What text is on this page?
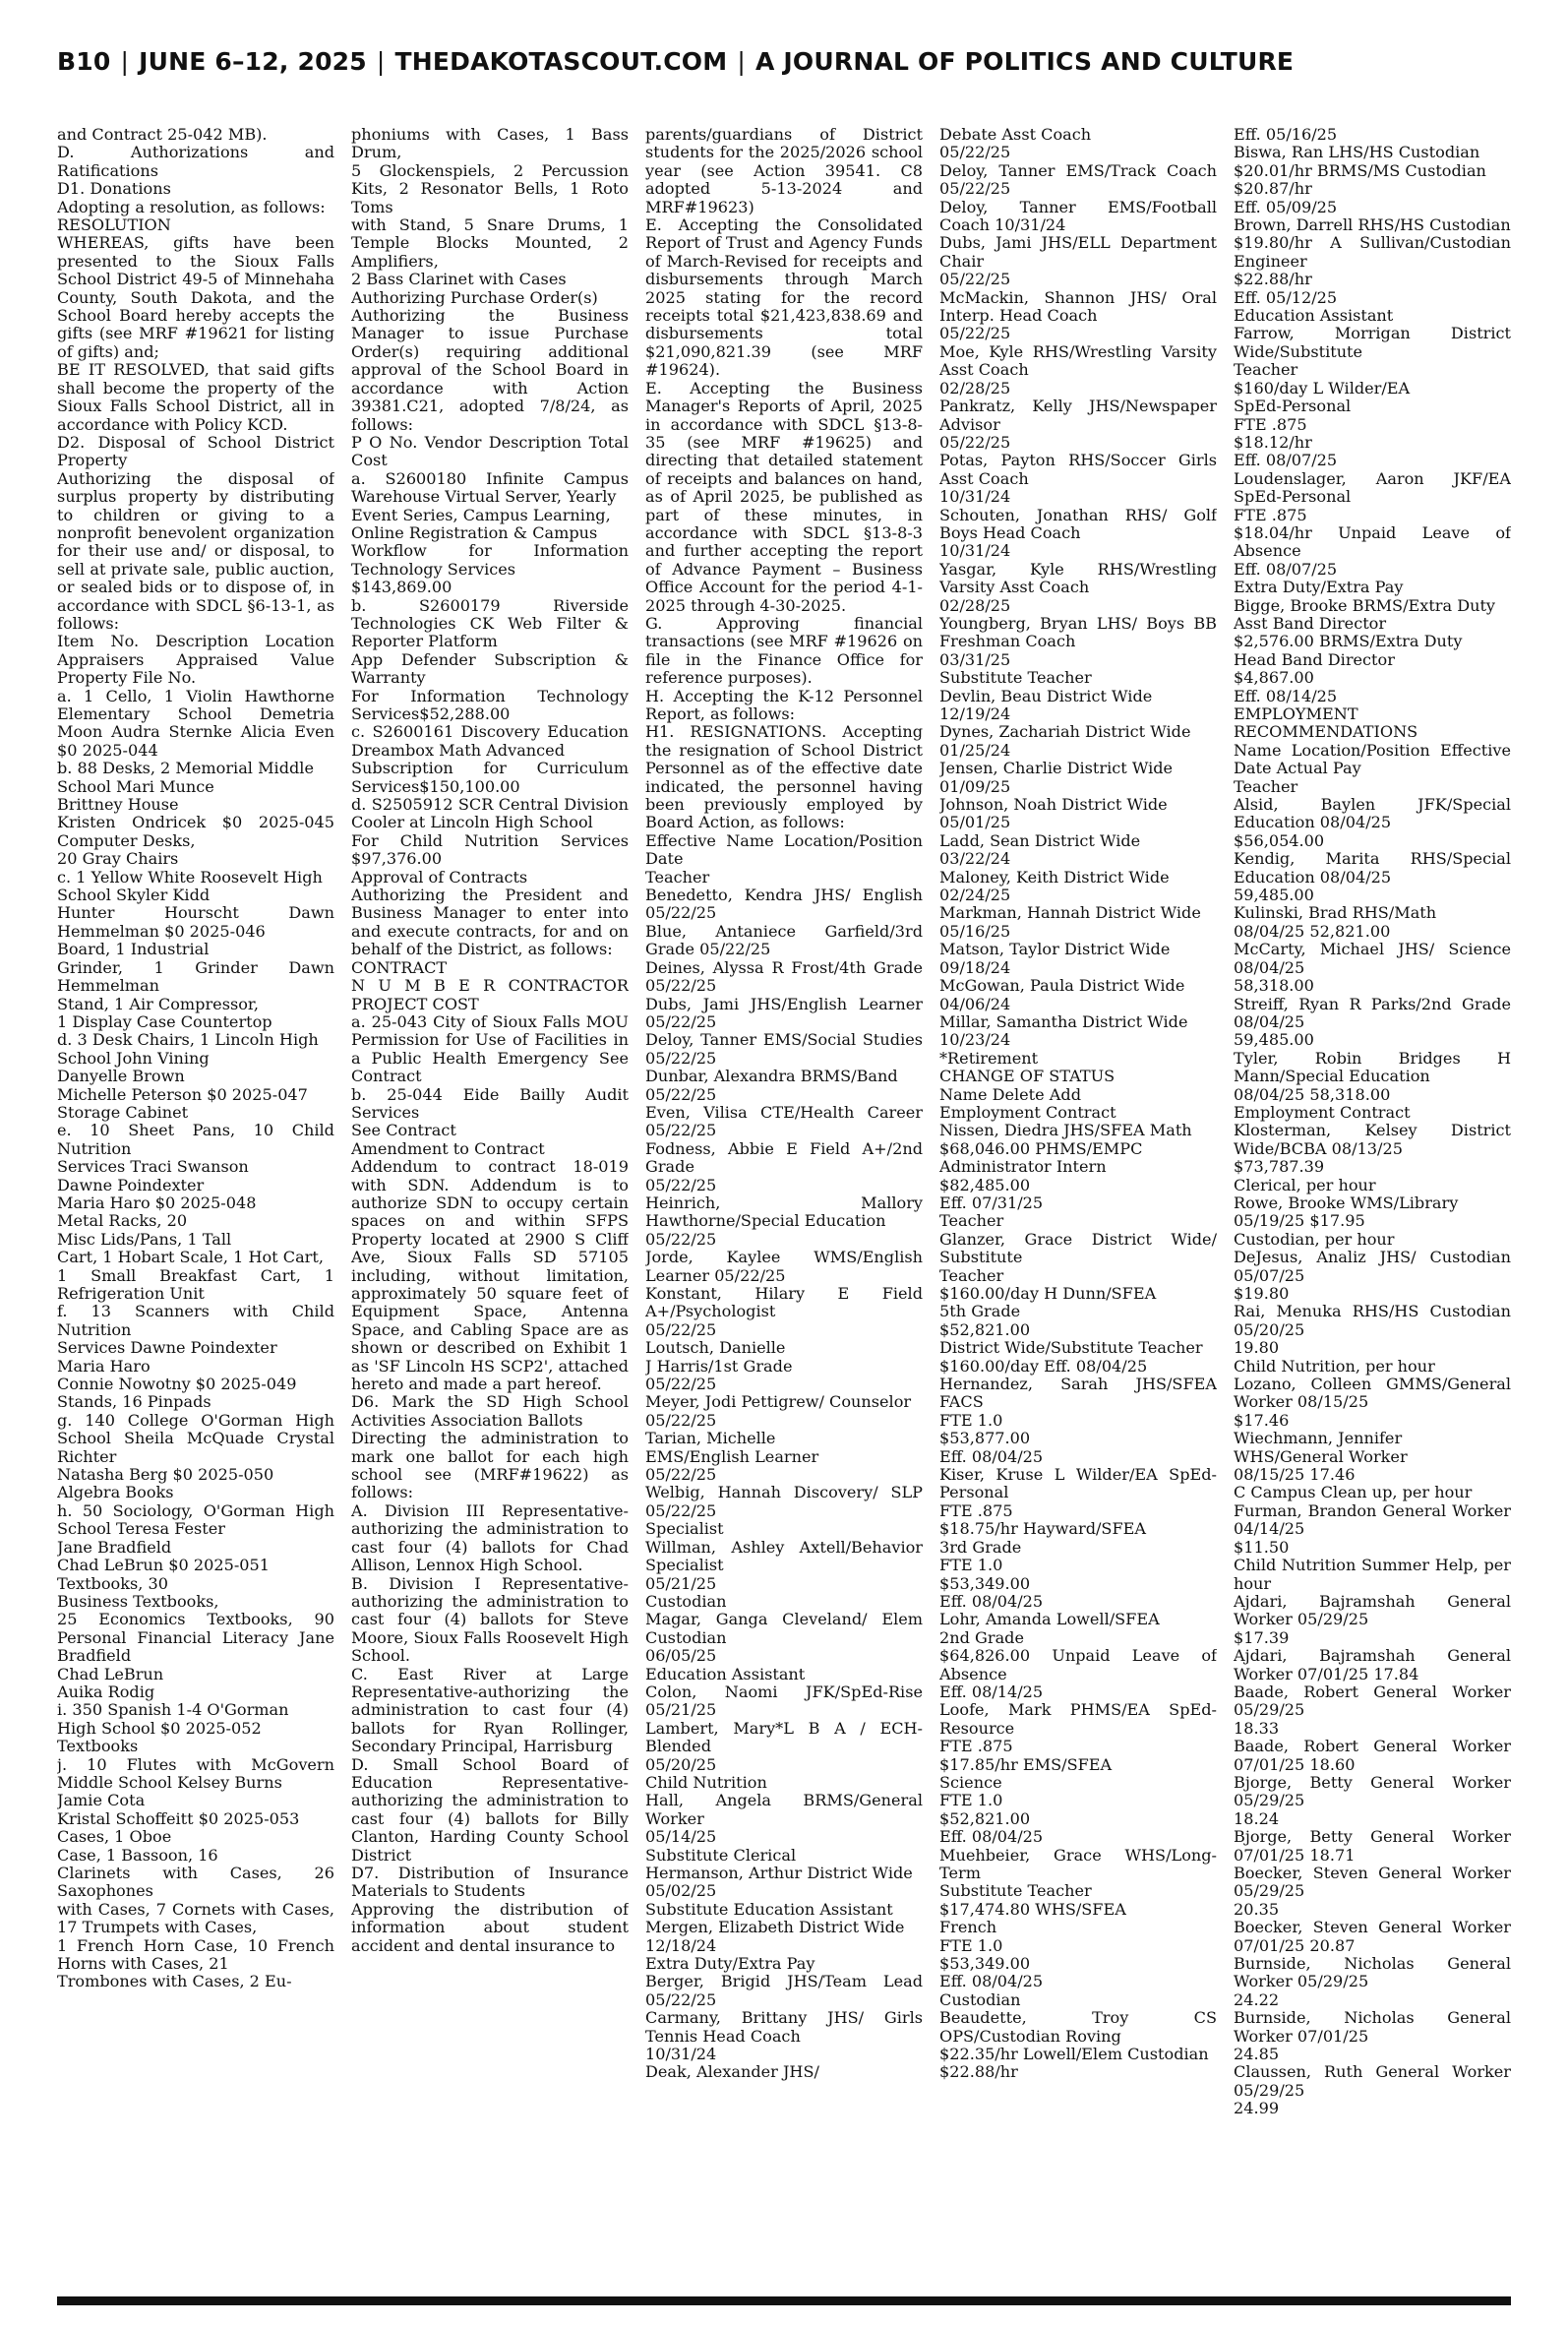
B10 | JUNE 6–12, 2025 | THEDAKOTASCOUT.COM | A JOURNAL OF POLITICS AND CULTURE

and Contract 25-042 MB).

D. Authorizations and Ratifications

D1. Donations

Adopting a resolution, as follows:

RESOLUTION

WHEREAS, gifts have been presented to the Sioux Falls School District 49-5 of Minnehaha County, South Dakota, and the School Board hereby accepts the gifts (see MRF #19621 for listing of gifts) and;

BE IT RESOLVED, that said gifts shall become the property of the Sioux Falls School District, all in accordance with Policy KCD.

D2. Disposal of School District Property

Authorizing the disposal of surplus property by distributing to children or giving to a nonprofit benevolent organization for their use and/ or disposal, to sell at private sale, public auction, or sealed bids or to dispose of, in accordance with SDCL §6-13-1, as follows:

Item No. Description Location Appraisers Appraised Value Property File No.

a. 1 Cello, 1 Violin Hawthorne Elementary School Demetria Moon Audra Sternke Alicia Even $0 2025-044

b. 88 Desks, 2 Memorial Middle

School Mari Munce

Brittney House

Kristen Ondricek $0 2025-045 Computer Desks,

20 Gray Chairs

c. 1 Yellow White Roosevelt High

School Skyler Kidd

Hunter Hourscht Dawn Hemmelman $0 2025-046

Board, 1 Industrial

Grinder, 1 Grinder Dawn Hemmelman

Stand, 1 Air Compressor,

1 Display Case Countertop

d. 3 Desk Chairs, 1 Lincoln High

School John Vining

Danyelle Brown

Michelle Peterson $0 2025-047

Storage Cabinet

e. 10 Sheet Pans, 10 Child Nutrition

Services Traci Swanson

Dawne Poindexter

Maria Haro $0 2025-048

Metal Racks, 20

Misc Lids/Pans, 1 Tall

Cart, 1 Hobart Scale, 1 Hot Cart,

1 Small Breakfast Cart, 1 Refrigeration Unit

f. 13 Scanners with Child Nutrition

Services Dawne Poindexter

Maria Haro

Connie Nowotny $0 2025-049

Stands, 16 Pinpads

g. 140 College O'Gorman High School Sheila McQuade Crystal Richter

Natasha Berg $0 2025-050

Algebra Books

h. 50 Sociology, O'Gorman High School Teresa Fester

Jane Bradfield

Chad LeBrun $0 2025-051

Textbooks, 30

Business Textbooks,

25 Economics Textbooks, 90 Personal Financial Literacy Jane Bradfield

Chad LeBrun

Auika Rodig

i. 350 Spanish 1-4 O'Gorman

High School $0 2025-052

Textbooks

j. 10 Flutes with McGovern Middle School Kelsey Burns

Jamie Cota

Kristal Schoffeitt $0 2025-053

Cases, 1 Oboe

Case, 1 Bassoon, 16

Clarinets with Cases, 26 Saxophones

with Cases, 7 Cornets with Cases, 17 Trumpets with Cases,

1 French Horn Case, 10 French Horns with Cases, 21

Trombones with Cases, 2 Eu-

phoniums with Cases, 1 Bass Drum,

5 Glockenspiels, 2 Percussion Kits, 2 Resonator Bells, 1 Roto Toms

with Stand, 5 Snare Drums, 1 Temple Blocks Mounted, 2 Amplifiers,

2 Bass Clarinet with Cases

Authorizing Purchase Order(s)

Authorizing the Business Manager to issue Purchase Order(s) requiring additional approval of the School Board in accordance with Action 39381.C21, adopted 7/8/24, as follows:

P O No. Vendor Description Total Cost

a. S2600180 Infinite Campus Warehouse Virtual Server, Yearly

Event Series, Campus Learning,

Online Registration & Campus

Workflow for Information Technology Services

$143,869.00

b. S2600179 Riverside Technologies CK Web Filter & Reporter Platform

App Defender Subscription & Warranty

For Information Technology Services$52,288.00

c. S2600161 Discovery Education Dreambox Math Advanced

Subscription for Curriculum Services$150,100.00

d. S2505912 SCR Central Division Cooler at Lincoln High School

For Child Nutrition Services $97,376.00

Approval of Contracts

Authorizing the President and Business Manager to enter into and execute contracts, for and on behalf of the District, as follows:

CONTRACT

N U M B E R CONTRACTOR PROJECT COST

a. 25-043 City of Sioux Falls MOU Permission for Use of Facilities in a Public Health Emergency See Contract

b. 25-044 Eide Bailly Audit Services

See Contract

Amendment to Contract

Addendum to contract 18-019 with SDN. Addendum is to authorize SDN to occupy certain spaces on and within SFPS Property located at 2900 S Cliff Ave, Sioux Falls SD 57105 including, without limitation, approximately 50 square feet of Equipment Space, Antenna Space, and Cabling Space are as shown or described on Exhibit 1 as 'SF Lincoln HS SCP2', attached hereto and made a part hereof.

D6. Mark the SD High School Activities Association Ballots

Directing the administration to mark one ballot for each high school see (MRF#19622) as follows:

A. Division III Representative- authorizing the administration to cast four (4) ballots for Chad Allison, Lennox High School.

B. Division I Representative- authorizing the administration to cast four (4) ballots for Steve Moore, Sioux Falls Roosevelt High School.

C. East River at Large Representative-authorizing the administration to cast four (4) ballots for Ryan Rollinger, Secondary Principal, Harrisburg

D. Small School Board of Education Representative-authorizing the administration to cast four (4) ballots for Billy Clanton, Harding County School District

D7. Distribution of Insurance Materials to Students

Approving the distribution of information about student accident and dental insurance to

parents/guardians of District students for the 2025/2026 school year (see Action 39541. C8 adopted 5-13-2024 and MRF#19623)

E. Accepting the Consolidated Report of Trust and Agency Funds of March-Revised for receipts and disbursements through March 2025 stating for the record receipts total $21,423,838.69 and disbursements total $21,090,821.39 (see MRF #19624).

E. Accepting the Business Manager's Reports of April, 2025 in accordance with SDCL §13-8-35 (see MRF #19625) and directing that detailed statement of receipts and balances on hand, as of April 2025, be published as part of these minutes, in accordance with SDCL §13-8-3 and further accepting the report of Advance Payment – Business Office Account for the period 4-1-2025 through 4-30-2025.

G. Approving financial transactions (see MRF #19626 on file in the Finance Office for reference purposes).

H. Accepting the K-12 Personnel Report, as follows:

H1. RESIGNATIONS. Accepting the resignation of School District Personnel as of the effective date indicated, the personnel having been previously employed by Board Action, as follows:

Effective Name Location/Position Date

Teacher

Benedetto, Kendra JHS/ English 05/22/25

Blue, Antaniece Garfield/3rd Grade 05/22/25

Deines, Alyssa R Frost/4th Grade 05/22/25

Dubs, Jami JHS/English Learner 05/22/25

Deloy, Tanner EMS/Social Studies 05/22/25

Dunbar, Alexandra BRMS/Band

05/22/25

Even, Vilisa CTE/Health Career 05/22/25

Fodness, Abbie E Field A+/2nd Grade

05/22/25

Heinrich, Mallory Hawthorne/Special Education

05/22/25

Jorde, Kaylee WMS/English Learner 05/22/25

Konstant, Hilary E Field A+/Psychologist

05/22/25

Loutsch, Danielle

J Harris/1st Grade

05/22/25

Meyer, Jodi Pettigrew/ Counselor

05/22/25

Tarian, Michelle

EMS/English Learner

05/22/25

Welbig, Hannah Discovery/ SLP 05/22/25

Specialist

Willman, Ashley Axtell/Behavior Specialist

05/21/25

Custodian

Magar, Ganga Cleveland/ Elem Custodian

06/05/25

Education Assistant

Colon, Naomi JFK/SpEd-Rise 05/21/25

Lambert, Mary*L B A / ECH-Blended

05/20/25

Child Nutrition

Hall, Angela BRMS/General Worker

05/14/25

Substitute Clerical

Hermanson, Arthur District Wide

05/02/25

Substitute Education Assistant

Mergen, Elizabeth District Wide

12/18/24

Extra Duty/Extra Pay

Berger, Brigid JHS/Team Lead 05/22/25

Carmany, Brittany JHS/ Girls Tennis Head Coach

10/31/24

Deak, Alexander JHS/

Debate Asst Coach

05/22/25

Deloy, Tanner EMS/Track Coach 05/22/25

Deloy, Tanner EMS/Football Coach 10/31/24

Dubs, Jami JHS/ELL Department Chair

05/22/25

McMackin, Shannon JHS/ Oral Interp. Head Coach

05/22/25

Moe, Kyle RHS/Wrestling Varsity Asst Coach

02/28/25

Pankratz, Kelly JHS/Newspaper Advisor

05/22/25

Potas, Payton RHS/Soccer Girls Asst Coach

10/31/24

Schouten, Jonathan RHS/ Golf Boys Head Coach

10/31/24

Yasgar, Kyle RHS/Wrestling Varsity Asst Coach

02/28/25

Youngberg, Bryan LHS/ Boys BB Freshman Coach

03/31/25

Substitute Teacher

Devlin, Beau District Wide

12/19/24

Dynes, Zachariah District Wide

01/25/24

Jensen, Charlie District Wide

01/09/25

Johnson, Noah District Wide

05/01/25

Ladd, Sean District Wide

03/22/24

Maloney, Keith District Wide

02/24/25

Markman, Hannah District Wide

05/16/25

Matson, Taylor District Wide

09/18/24

McGowan, Paula District Wide

04/06/24

Millar, Samantha District Wide

10/23/24

*Retirement

CHANGE OF STATUS

Name Delete Add

Employment Contract

Nissen, Diedra JHS/SFEA Math

$68,046.00 PHMS/EMPC

Administrator Intern

$82,485.00

Eff. 07/31/25

Teacher

Glanzer, Grace District Wide/ Substitute

Teacher

$160.00/day H Dunn/SFEA

5th Grade

$52,821.00

District Wide/Substitute Teacher

$160.00/day Eff. 08/04/25

Hernandez, Sarah JHS/SFEA FACS

FTE 1.0

$53,877.00

Eff. 08/04/25

Kiser, Kruse L Wilder/EA SpEd-Personal

FTE .875

$18.75/hr Hayward/SFEA

3rd Grade

FTE 1.0

$53,349.00

Eff. 08/04/25

Lohr, Amanda Lowell/SFEA

2nd Grade

$64,826.00 Unpaid Leave of Absence

Eff. 08/14/25

Loofe, Mark PHMS/EA SpEd-Resource

FTE .875

$17.85/hr EMS/SFEA

Science

FTE 1.0

$52,821.00

Eff. 08/04/25

Muehbeier, Grace WHS/Long-Term

Substitute Teacher

$17,474.80 WHS/SFEA

French

FTE 1.0

$53,349.00

Eff. 08/04/25

Custodian

Beaudette, Troy CS OPS/Custodian Roving

$22.35/hr Lowell/Elem Custodian

$22.88/hr

Eff. 05/16/25

Biswa, Ran LHS/HS Custodian

$20.01/hr BRMS/MS Custodian

$20.87/hr

Eff. 05/09/25

Brown, Darrell RHS/HS Custodian

$19.80/hr A Sullivan/Custodian Engineer

$22.88/hr

Eff. 05/12/25

Education Assistant

Farrow, Morrigan District Wide/Substitute

Teacher

$160/day L Wilder/EA

SpEd-Personal

FTE .875

$18.12/hr

Eff. 08/07/25

Loudenslager, Aaron JKF/EA SpEd-Personal

FTE .875

$18.04/hr Unpaid Leave of Absence

Eff. 08/07/25

Extra Duty/Extra Pay

Bigge, Brooke BRMS/Extra Duty

Asst Band Director

$2,576.00 BRMS/Extra Duty

Head Band Director

$4,867.00

Eff. 08/14/25

EMPLOYMENT RECOMMENDATIONS

Name Location/Position Effective Date Actual Pay

Teacher

Alsid, Baylen JFK/Special Education 08/04/25

$56,054.00

Kendig, Marita RHS/Special Education 08/04/25

59,485.00

Kulinski, Brad RHS/Math

08/04/25 52,821.00

McCarty, Michael JHS/ Science 08/04/25

58,318.00

Streiff, Ryan R Parks/2nd Grade 08/04/25

59,485.00

Tyler, Robin Bridges H Mann/Special Education

08/04/25 58,318.00

Employment Contract

Klosterman, Kelsey District Wide/BCBA 08/13/25

$73,787.39

Clerical, per hour

Rowe, Brooke WMS/Library

05/19/25 $17.95

Custodian, per hour

DeJesus, Analiz JHS/ Custodian 05/07/25

$19.80

Rai, Menuka RHS/HS Custodian 05/20/25

19.80

Child Nutrition, per hour

Lozano, Colleen GMMS/General Worker 08/15/25

$17.46

Wiechmann, Jennifer

WHS/General Worker

08/15/25 17.46

C Campus Clean up, per hour

Furman, Brandon General Worker 04/14/25

$11.50

Child Nutrition Summer Help, per hour

Ajdari, Bajramshah General Worker 05/29/25

$17.39

Ajdari, Bajramshah General Worker 07/01/25 17.84

Baade, Robert General Worker 05/29/25

18.33

Baade, Robert General Worker 07/01/25 18.60

Bjorge, Betty General Worker 05/29/25

18.24

Bjorge, Betty General Worker 07/01/25 18.71

Boecker, Steven General Worker 05/29/25

20.35

Boecker, Steven General Worker 07/01/25 20.87

Burnside, Nicholas General Worker 05/29/25

24.22

Burnside, Nicholas General Worker 07/01/25

24.85

Claussen, Ruth General Worker 05/29/25

24.99
